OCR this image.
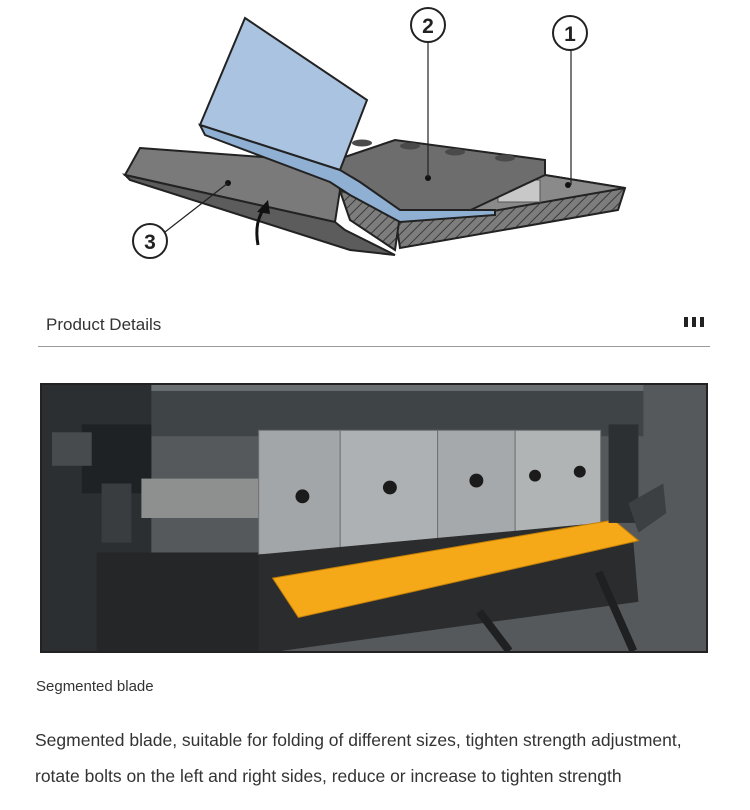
1
2
3
Product Details
Segmented blade
Segmented blade, suitable for folding of different sizes, tighten strength adjustment, rotate bolts on the left and right sides, reduce or increase to tighten strength
